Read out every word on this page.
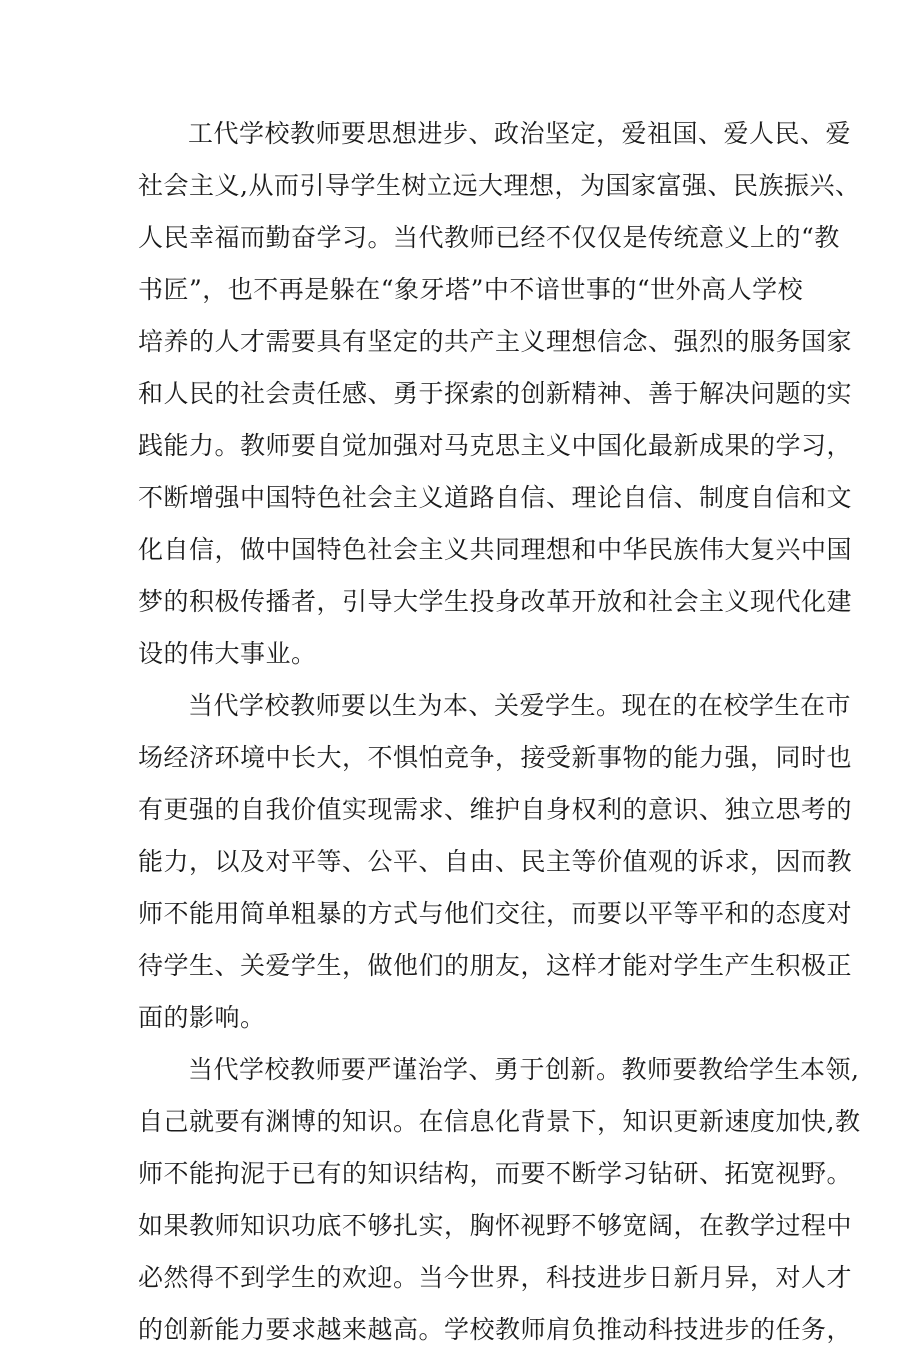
工代学校教师要思想进步、政治坚定，爱祖国、爱人民、爱
社会主义,从而引导学生树立远大理想，为国家富强、民族振兴、
人民幸福而勤奋学习。当代教师已经不仅仅是传统意义上的“教
书匠”，也不再是躲在“象牙塔”中不谙世事的“世外高人学校
培养的人才需要具有坚定的共产主义理想信念、强烈的服务国家
和人民的社会责任感、勇于探索的创新精神、善于解决问题的实
践能力。教师要自觉加强对马克思主义中国化最新成果的学习，
不断增强中国特色社会主义道路自信、理论自信、制度自信和文
化自信，做中国特色社会主义共同理想和中华民族伟大复兴中国
梦的积极传播者，引导大学生投身改革开放和社会主义现代化建
设的伟大事业。
当代学校教师要以生为本、关爱学生。现在的在校学生在市
场经济环境中长大，不惧怕竞争，接受新事物的能力强，同时也
有更强的自我价值实现需求、维护自身权利的意识、独立思考的
能力，以及对平等、公平、自由、民主等价值观的诉求，因而教
师不能用简单粗暴的方式与他们交往，而要以平等平和的态度对
待学生、关爱学生，做他们的朋友，这样才能对学生产生积极正
面的影响。
当代学校教师要严谨治学、勇于创新。教师要教给学生本领,
自己就要有渊博的知识。在信息化背景下，知识更新速度加快,教
师不能拘泥于已有的知识结构，而要不断学习钻研、拓宽视野。
如果教师知识功底不够扎实，胸怀视野不够宽阔，在教学过程中
必然得不到学生的欢迎。当今世界，科技进步日新月异，对人才
的创新能力要求越来越高。学校教师肩负推动科技进步的任务，
